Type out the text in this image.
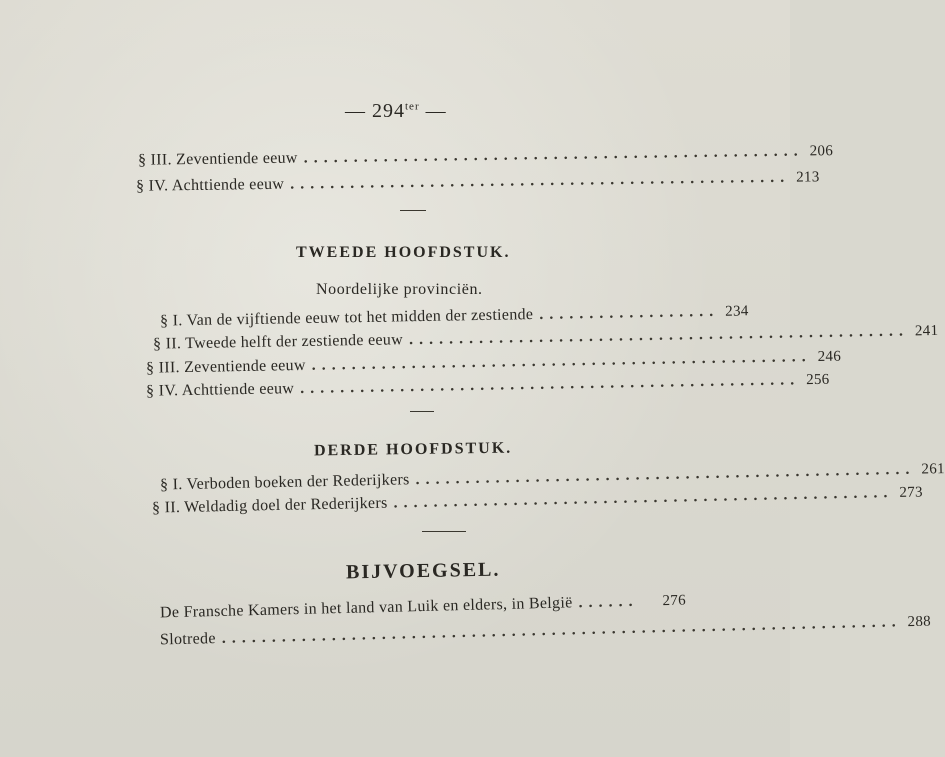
— $294^{ter}$ —
§ III. Zeventiende eeuw .................................................. 206
§ IV. Achttiende eeuw .................................................. 213
TWEEDE HOOFDSTUK.
Noordelijke provinciën.
§ I. Van de vijftiende eeuw tot het midden der zestiende .................. 234
§ II. Tweede helft der zestiende eeuw .................................................. 241
§ III. Zeventiende eeuw .................................................. 246
§ IV. Achttiende eeuw .................................................. 256
DERDE HOOFDSTUK.
§ I. Verboden boeken der Rederijkers .................................................. 261
§ II. Weldadig doel der Rederijkers .................................................. 273
BIJVOEGSEL.
De Fransche Kamers in het land van Luik en elders, in België ......	276
Slotrede .................................................................... 288
